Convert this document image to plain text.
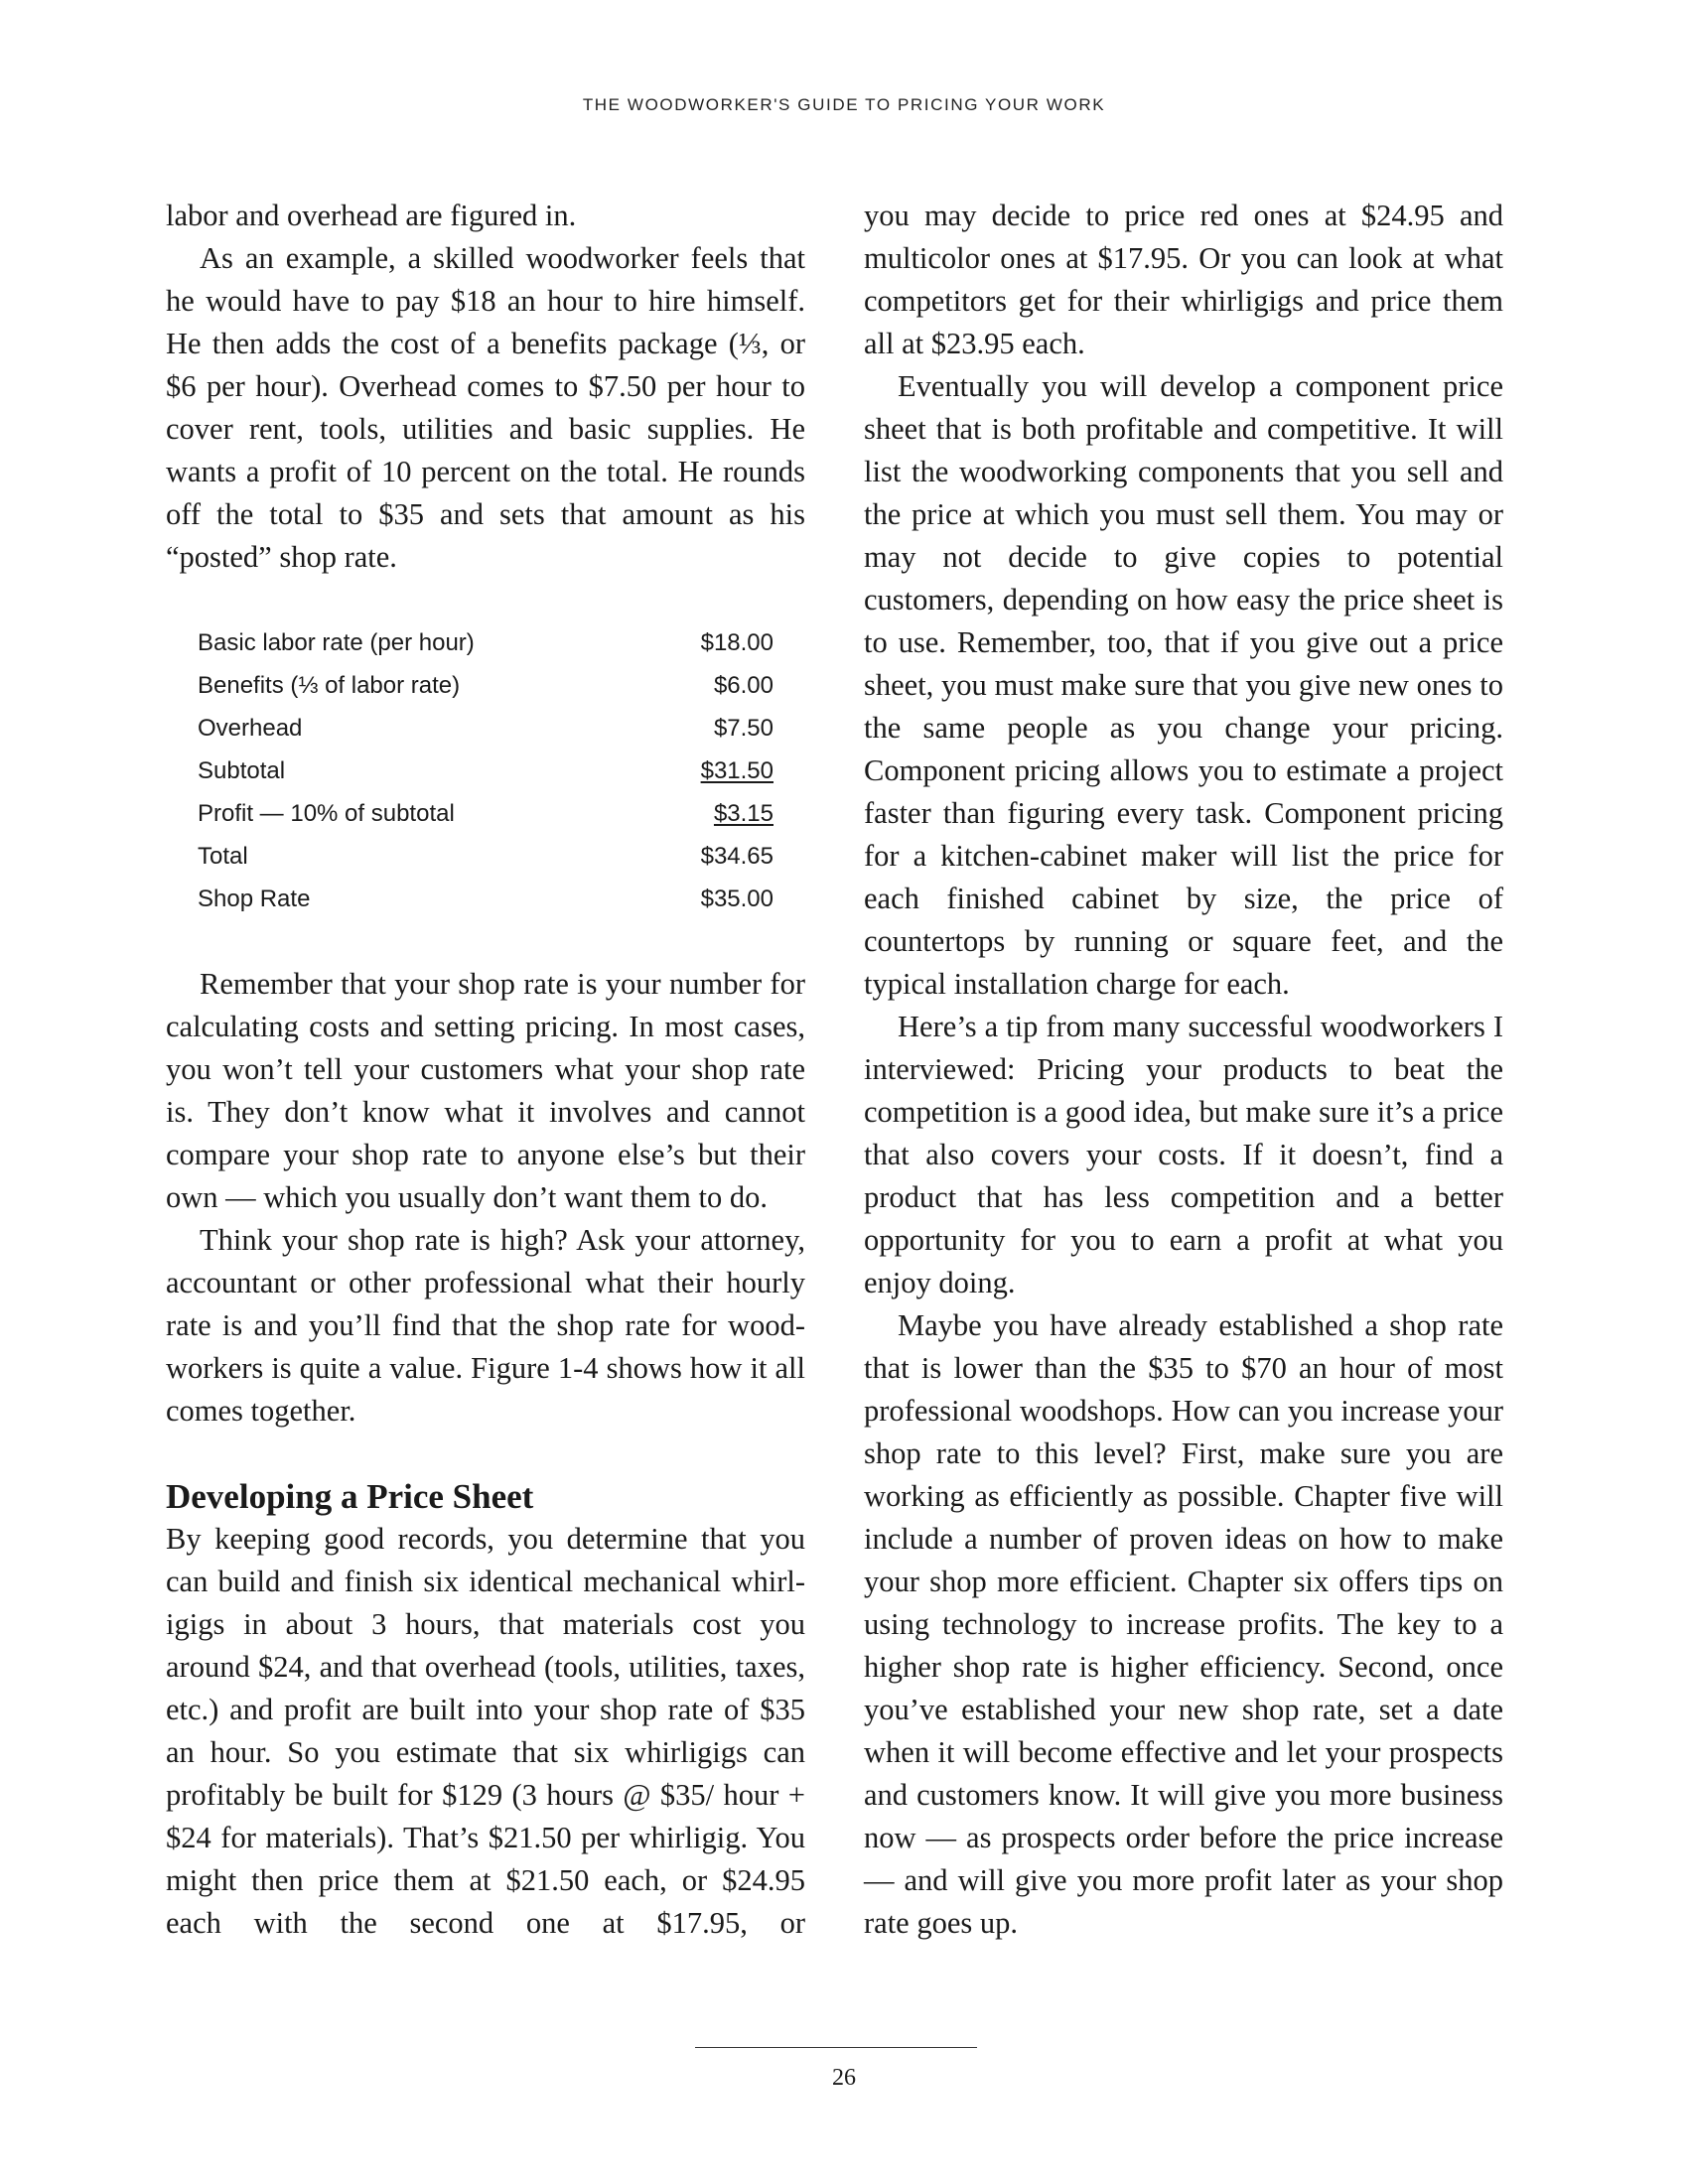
THE WOODWORKER'S GUIDE TO PRICING YOUR WORK

labor and overhead are figured in.

As an example, a skilled woodworker feels that he would have to pay $18 an hour to hire himself. He then adds the cost of a benefits package (⅓, or $6 per hour). Overhead comes to $7.50 per hour to cover rent, tools, utilities and basic supplies. He wants a profit of 10 percent on the total. He rounds off the total to $35 and sets that amount as his “posted” shop rate.

Basic labor rate (per hour)	$18.00
Benefits (⅓ of labor rate)	$6.00
Overhead	$7.50
Subtotal	$31.50
Profit — 10% of subtotal	$3.15
Total	$34.65
Shop Rate	$35.00

Remember that your shop rate is your number for calculating costs and setting pricing. In most cases, you won’t tell your customers what your shop rate is. They don’t know what it involves and cannot compare your shop rate to anyone else’s but their own — which you usually don’t want them to do.

Think your shop rate is high? Ask your attorney, accountant or other professional what their hourly rate is and you’ll find that the shop rate for woodworkers is quite a value. Figure 1-4 shows how it all comes together.

Developing a Price Sheet

By keeping good records, you determine that you can build and finish six identical mechanical whirligigs in about 3 hours, that materials cost you around $24, and that overhead (tools, utilities, taxes, etc.) and profit are built into your shop rate of $35 an hour. So you estimate that six whirligigs can profitably be built for $129 (3 hours @ $35/ hour + $24 for materials). That’s $21.50 per whirligig. You might then price them at $21.50 each, or $24.95 each with the second one at $17.95, or

you may decide to price red ones at $24.95 and multicolor ones at $17.95. Or you can look at what competitors get for their whirligigs and price them all at $23.95 each.

Eventually you will develop a component price sheet that is both profitable and competitive. It will list the woodworking components that you sell and the price at which you must sell them. You may or may not decide to give copies to potential customers, depending on how easy the price sheet is to use. Remember, too, that if you give out a price sheet, you must make sure that you give new ones to the same people as you change your pricing. Component pricing allows you to estimate a project faster than figuring every task. Component pricing for a kitchen-cabinet maker will list the price for each finished cabinet by size, the price of countertops by running or square feet, and the typical installation charge for each.

Here’s a tip from many successful woodworkers I interviewed: Pricing your products to beat the competition is a good idea, but make sure it’s a price that also covers your costs. If it doesn’t, find a product that has less competition and a better opportunity for you to earn a profit at what you enjoy doing.

Maybe you have already established a shop rate that is lower than the $35 to $70 an hour of most professional woodshops. How can you increase your shop rate to this level? First, make sure you are working as efficiently as possible. Chapter five will include a number of proven ideas on how to make your shop more efficient. Chapter six offers tips on using technology to increase profits. The key to a higher shop rate is higher efficiency. Second, once you’ve established your new shop rate, set a date when it will become effective and let your prospects and customers know. It will give you more business now — as prospects order before the price increase — and will give you more profit later as your shop rate goes up.

26
